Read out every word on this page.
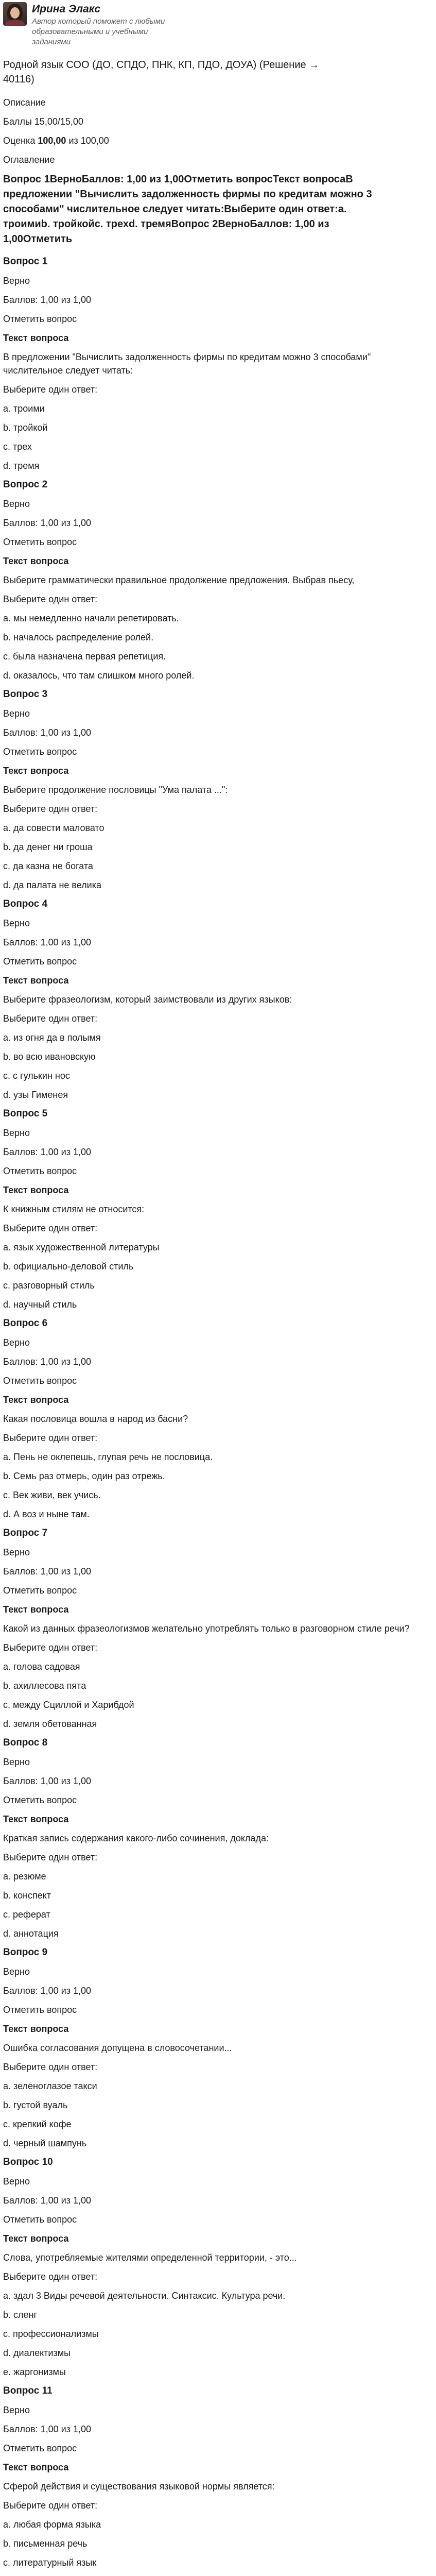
Ирина Элакс
Автор который поможет с любыми образовательными и учебными заданиями
Родной язык СОО (ДО, СПДО, ПНК, КП, ПДО, ДОУА) (Решение → 40116)
Описание
Баллы 15,00/15,00
Оценка 100,00 из 100,00
Оглавление

Вопрос 1ВерноБаллов: 1,00 из 1,00Отметить вопросТекст вопросаВ предложении "Вычислить задолженность фирмы по кредитам можно 3 способами" числительное следует читать:Выберите один ответ:a. троимиb. тройкойc. трехd. тремяВопрос 2ВерноБаллов: 1,00 из 1,00Отметить

Вопрос 1
Верно
Баллов: 1,00 из 1,00
Отметить вопрос
Текст вопроса
В предложении "Вычислить задолженность фирмы по кредитам можно 3 способами" числительное следует читать:
Выберите один ответ:
a. троими
b. тройкой
c. трех
d. тремя
Вопрос 2
Верно
Баллов: 1,00 из 1,00
Отметить вопрос
Текст вопроса
Выберите грамматически правильное продолжение предложения. Выбрав пьесу,
Выберите один ответ:
a. мы немедленно начали репетировать.
b. началось распределение ролей.
c. была назначена первая репетиция.
d. оказалось, что там слишком много ролей.
Вопрос 3
Верно
Баллов: 1,00 из 1,00
Отметить вопрос
Текст вопроса
Выберите продолжение пословицы "Ума палата ...":
Выберите один ответ:
a. да совести маловато
b. да денег ни гроша
c. да казна не богата
d. да палата не велика
Вопрос 4
Верно
Баллов: 1,00 из 1,00
Отметить вопрос
Текст вопроса
Выберите фразеологизм, который заимствовали из других языков:
Выберите один ответ:
a. из огня да в полымя
b. во всю ивановскую
c. с гулькин нос
d. узы Гименея
Вопрос 5
Верно
Баллов: 1,00 из 1,00
Отметить вопрос
Текст вопроса
К книжным стилям не относится:
Выберите один ответ:
a. язык художественной литературы
b. официально-деловой стиль
c. разговорный стиль
d. научный стиль
Вопрос 6
Верно
Баллов: 1,00 из 1,00
Отметить вопрос
Текст вопроса
Какая пословица вошла в народ из басни?
Выберите один ответ:
a. Пень не оклепешь, глупая речь не пословица.
b. Семь раз отмерь, один раз отрежь.
c. Век живи, век учись.
d. А воз и ныне там.
Вопрос 7
Верно
Баллов: 1,00 из 1,00
Отметить вопрос
Текст вопроса
Какой из данных фразеологизмов желательно употреблять только в разговорном стиле речи?
Выберите один ответ:
a. голова садовая
b. ахиллесова пята
c. между Сциллой и Харибдой
d. земля обетованная
Вопрос 8
Верно
Баллов: 1,00 из 1,00
Отметить вопрос
Текст вопроса
Краткая запись содержания какого-либо сочинения, доклада:
Выберите один ответ:
a. резюме
b. конспект
c. реферат
d. аннотация
Вопрос 9
Верно
Баллов: 1,00 из 1,00
Отметить вопрос
Текст вопроса
Ошибка согласования допущена в словосочетании...
Выберите один ответ:
a. зеленоглазое такси
b. густой вуаль
c. крепкий кофе
d. черный шампунь
Вопрос 10
Верно
Баллов: 1,00 из 1,00
Отметить вопрос
Текст вопроса
Слова, употребляемые жителями определенной территории, - это...
Выберите один ответ:
a. здал 3 Виды речевой деятельности. Синтаксис. Культура речи.
b. сленг
c. профессионализмы
d. диалектизмы
e. жаргонизмы
Вопрос 11
Верно
Баллов: 1,00 из 1,00
Отметить вопрос
Текст вопроса
Сферой действия и существования языковой нормы является:
Выберите один ответ:
a. любая форма языка
b. письменная речь
c. литературный язык
